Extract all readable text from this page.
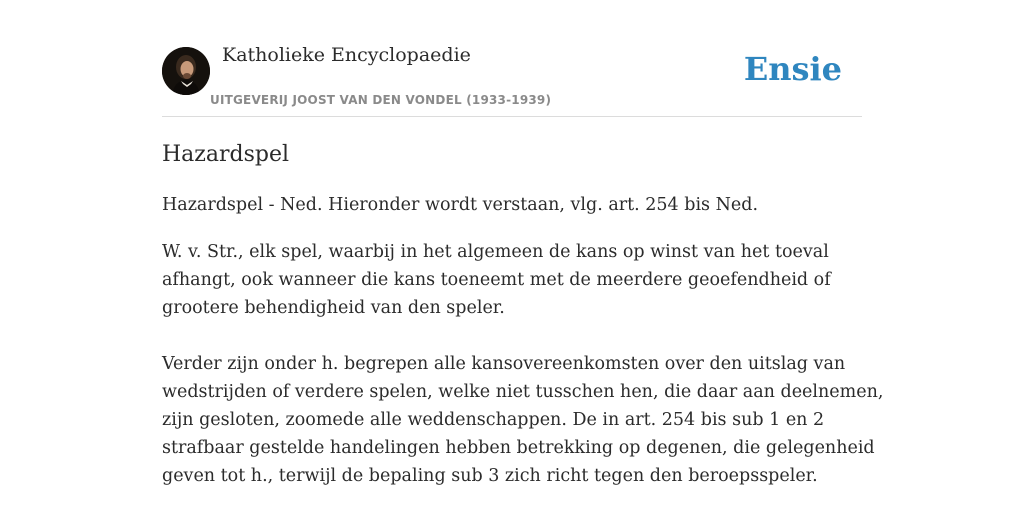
Katholieke Encyclopaedie
UITGEVERIJ JOOST VAN DEN VONDEL (1933-1939)
Ensie
Hazardspel

Hazardspel - Ned. Hieronder wordt verstaan, vlg. art. 254 bis Ned.

W. v. Str., elk spel, waarbij in het algemeen de kans op winst van het toeval
afhangt, ook wanneer die kans toeneemt met de meerdere geoefendheid of
grootere behendigheid van den speler.

Verder zijn onder h. begrepen alle kansovereenkomsten over den uitslag van
wedstrijden of verdere spelen, welke niet tusschen hen, die daar aan deelnemen,
zijn gesloten, zoomede alle weddenschappen. De in art. 254 bis sub 1 en 2
strafbaar gestelde handelingen hebben betrekking op degenen, die gelegenheid
geven tot h., terwijl de bepaling sub 3 zich richt tegen den beroepsspeler.
